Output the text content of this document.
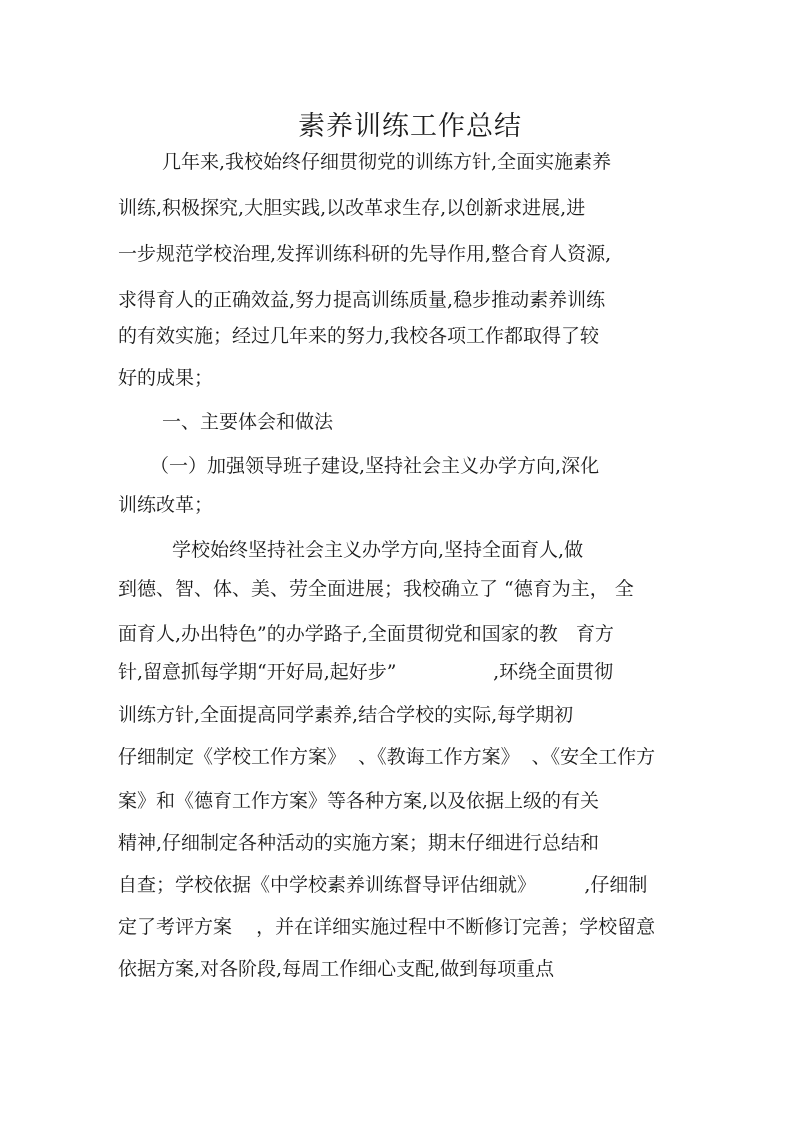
素养训练工作总结

几年来,我校始终仔细贯彻党的训练方针,全面实施素养

训练,积极探究,大胆实践,以改革求生存,以创新求进展,进

一步规范学校治理,发挥训练科研的先导作用,整合育人资源,

求得育人的正确效益,努力提高训练质量,稳步推动素养训练

的有效实施；经过几年来的努力,我校各项工作都取得了较

好的成果；

一、主要体会和做法

（一）加强领导班子建设,坚持社会主义办学方向,深化

训练改革；

学校始终坚持社会主义办学方向,坚持全面育人,做

到德、智、体、美、劳全面进展；我校确立了 “德育为主， 全

面育人,办出特色”的办学路子,全面贯彻党和国家的教   育方

针,留意抓每学期“开好局,起好步”                ,环绕全面贯彻

训练方针,全面提高同学素养,结合学校的实际,每学期初

仔细制定《学校工作方案》  、《教诲工作方案》  、《安全工作方

案》和《德育工作方案》等各种方案,以及依据上级的有关

精神,仔细制定各种活动的实施方案；期末仔细进行总结和

自查；学校依据《中学校素养训练督导评估细就》        ,仔细制

定了考评方案    ，并在详细实施过程中不断修订完善；学校留意

依据方案,对各阶段,每周工作细心支配,做到每项重点
